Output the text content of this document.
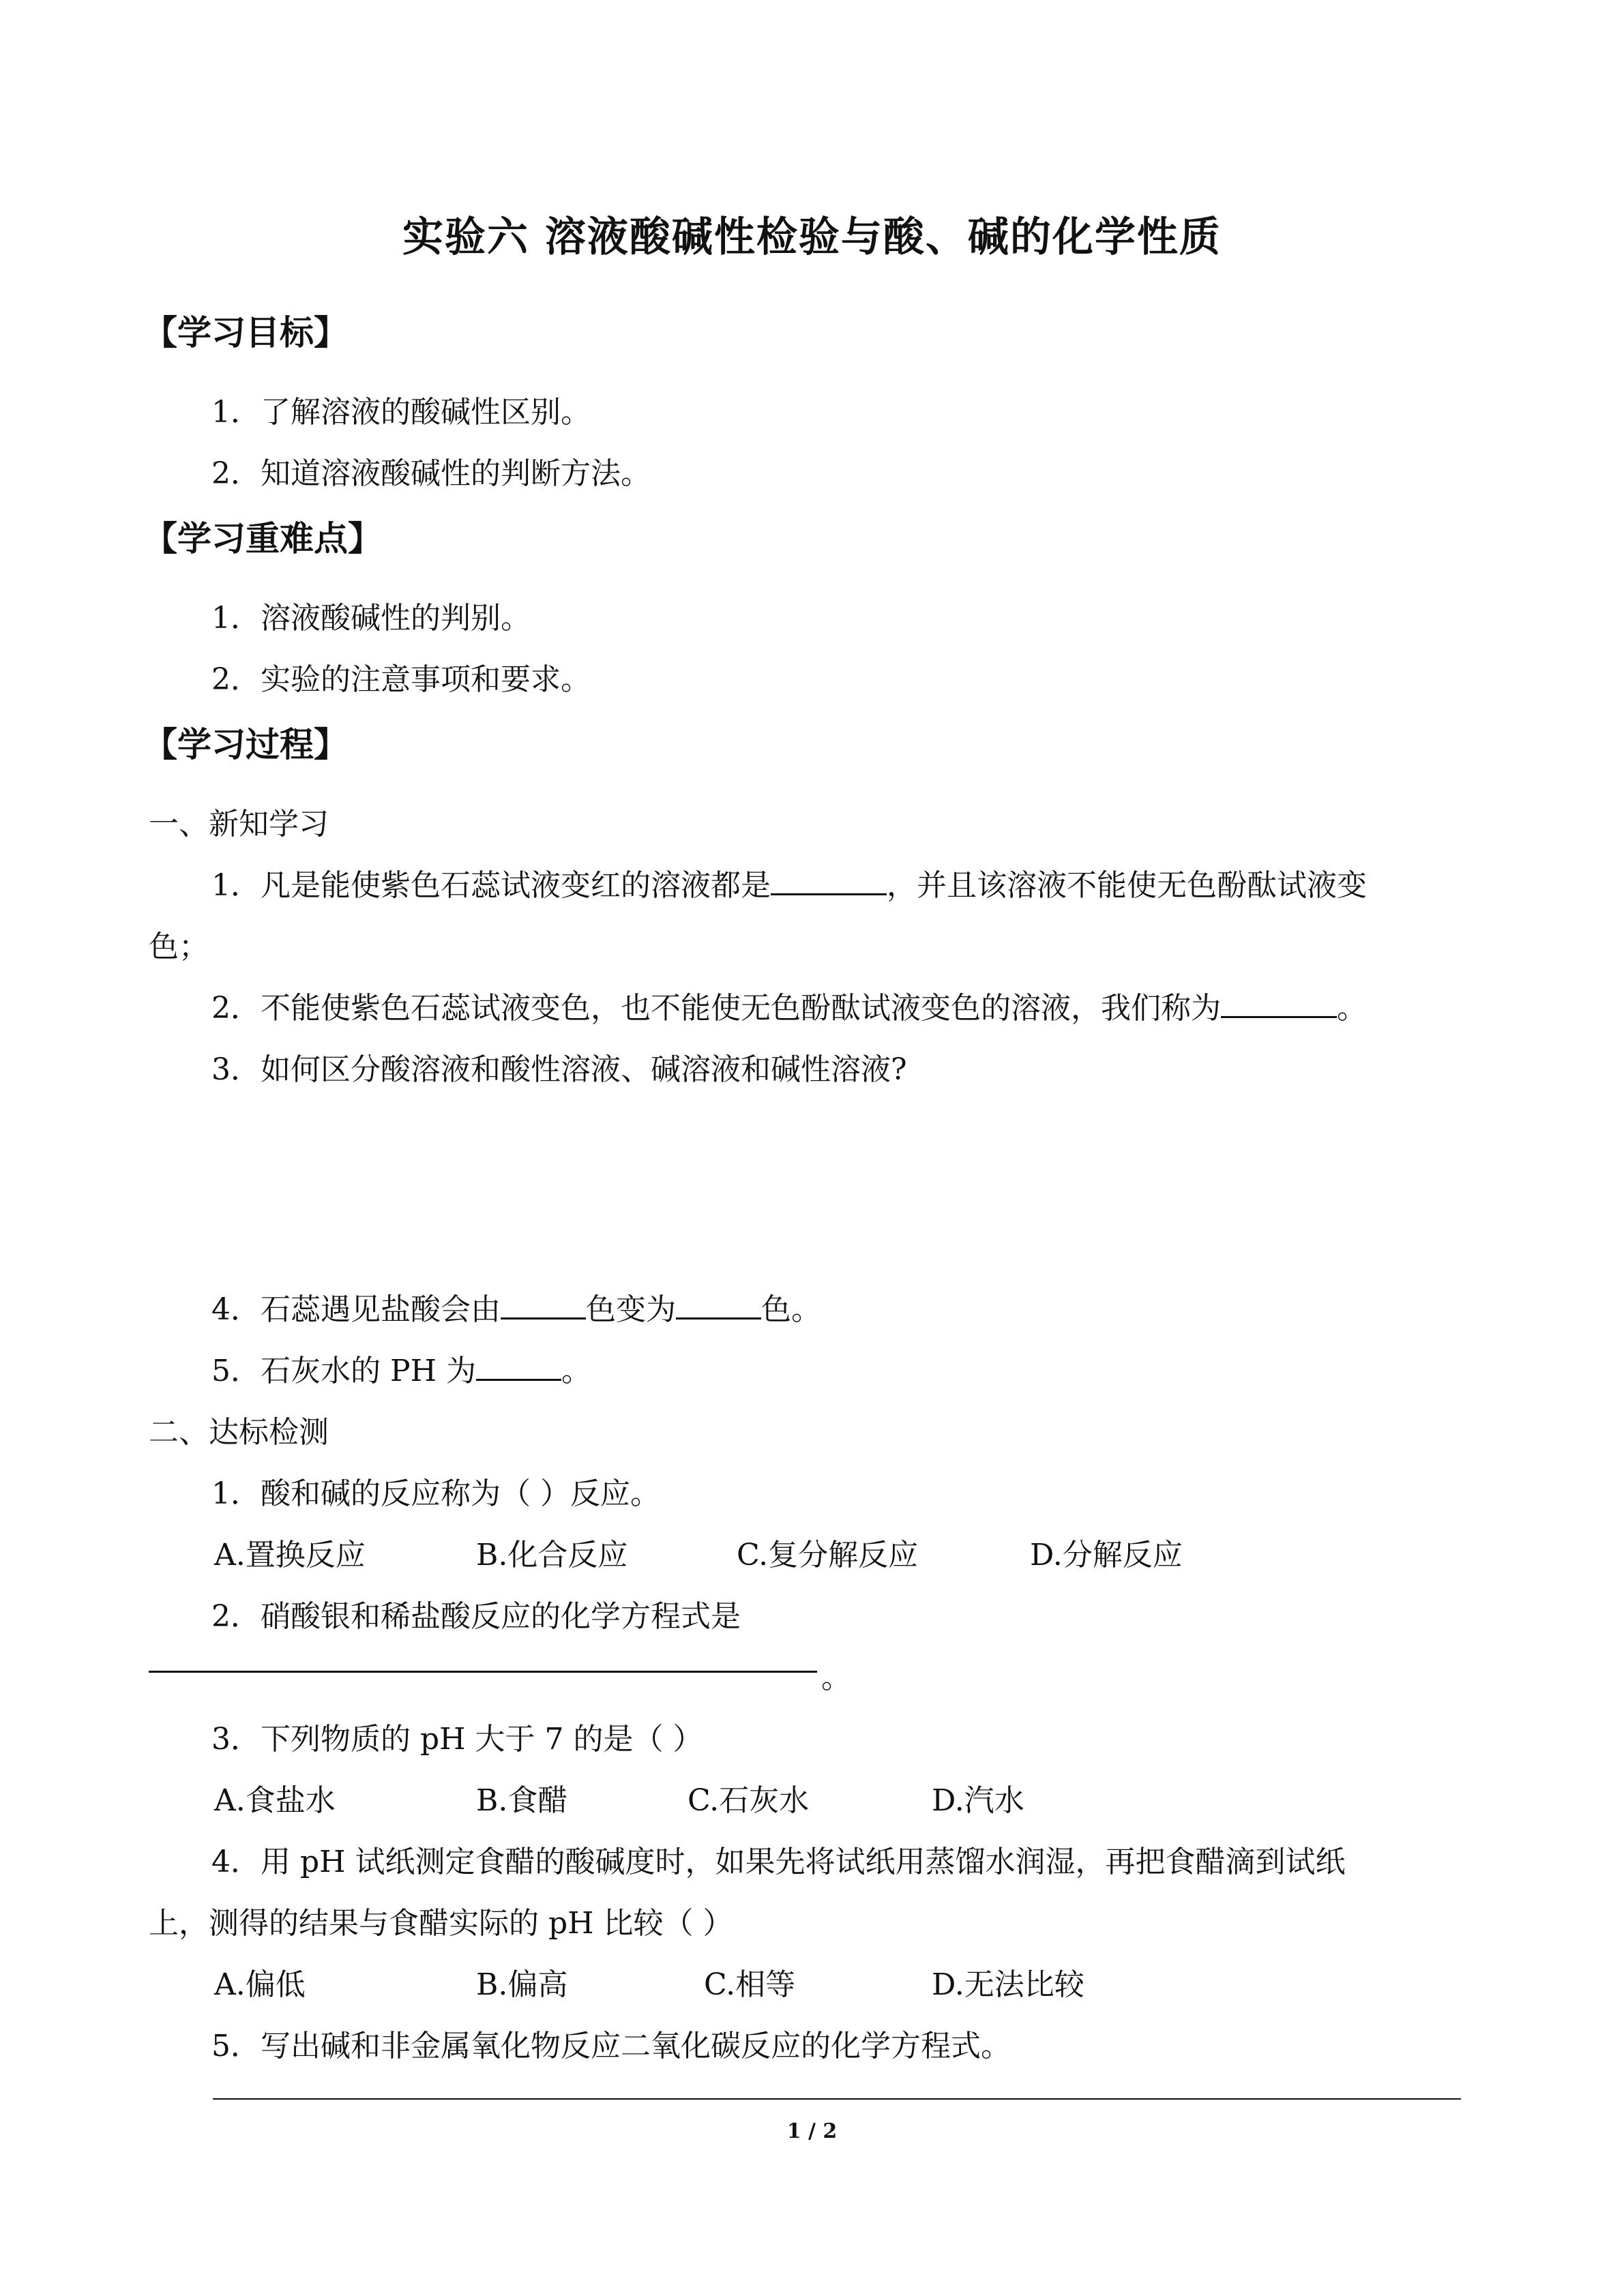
实验六 溶液酸碱性检验与酸、碱的化学性质
【学习目标】
1．了解溶液的酸碱性区别。
2．知道溶液酸碱性的判断方法。
【学习重难点】
1．溶液酸碱性的判别。
2．实验的注意事项和要求。
【学习过程】
一、新知学习
1．凡是能使紫色石蕊试液变红的溶液都是	，并且该溶液不能使无色酚酞试液变
色；
2．不能使紫色石蕊试液变色，也不能使无色酚酞试液变色的溶液，我们称为	。
3．如何区分酸溶液和酸性溶液、碱溶液和碱性溶液?
4．石蕊遇见盐酸会由	色变为	色。
5．石灰水的 PH 为	。
二、达标检测
1．酸和碱的反应称为（ ）反应。
A.置换反应	B.化合反应	C.复分解反应	D.分解反应
2．硝酸银和稀盐酸反应的化学方程式是
。
3．下列物质的 pH 大于 7 的是（ ）
A.食盐水	B.食醋	C.石灰水	D.汽水
4．用 pH 试纸测定食醋的酸碱度时，如果先将试纸用蒸馏水润湿，再把食醋滴到试纸
上，测得的结果与食醋实际的 pH 比较（ ）
A.偏低	B.偏高	C.相等	D.无法比较
5．写出碱和非金属氧化物反应二氧化碳反应的化学方程式。
1 / 2
